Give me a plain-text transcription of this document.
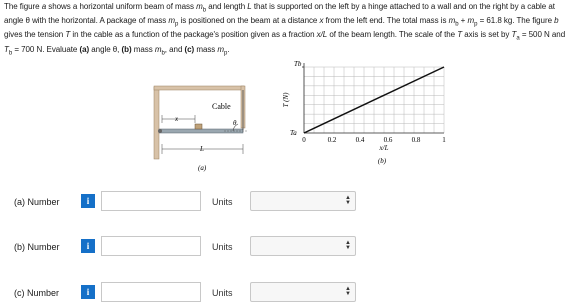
The figure a shows a horizontal uniform beam of mass $m_b$ and length L that is supported on the left by a hinge attached to a wall and on the right by a cable at angle θ with the horizontal. A package of mass $m_p$ is positioned on the beam at a distance x from the left end. The total mass is $m_b + m_p = 61.8$ kg. The figure b gives the tension T in the cable as a function of the package's position given as a fraction x/L of the beam length. The scale of the T axis is set by $T_a = 500$ N and $T_b = 700$ N. Evaluate (a) angle θ, (b) mass $m_b$, and (c) mass $m_p$.
Cable
θ
x
L
(a)
T (N)
Tb
Ta
0	0.2	0.4	0.6	0.8	1
x/L
(b)
(a) Number	i	Units	▲
▼
(b) Number	i	Units	▲
▼
(c) Number	i	Units	▲
▼
